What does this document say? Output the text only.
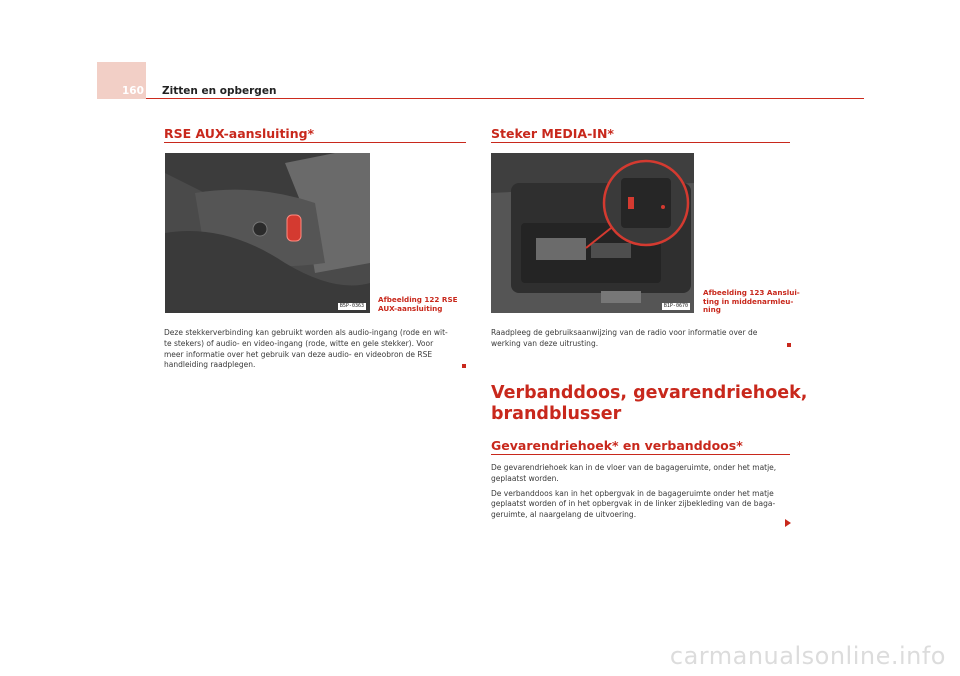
160 Zitten en opbergen
RSE AUX-aansluiting*
B5P-0363
Afbeelding 122 RSE
AUX-aansluiting
Deze stekkerverbinding kan gebruikt worden als audio-ingang (rode en wit-
te stekers) of audio- en video-ingang (rode, witte en gele stekker). Voor
meer informatie over het gebruik van deze audio- en videobron de RSE
handleiding raadplegen.
Steker MEDIA-IN*
B1P-0670
Afbeelding 123 Aanslui-
ting in middenarmleu-
ning
Raadpleeg de gebruiksaanwijzing van de radio voor informatie over de
werking van deze uitrusting.
Verbanddoos, gevarendriehoek,
brandblusser
Gevarendriehoek* en verbanddoos*

De gevarendriehoek kan in de vloer van de bagageruimte, onder het matje,
geplaatst worden.

De verbanddoos kan in het opbergvak in de bagageruimte onder het matje
geplaatst worden of in het opbergvak in de linker zijbekleding van de baga-
geruimte, al naargelang de uitvoering.

carmanualsonline.info
